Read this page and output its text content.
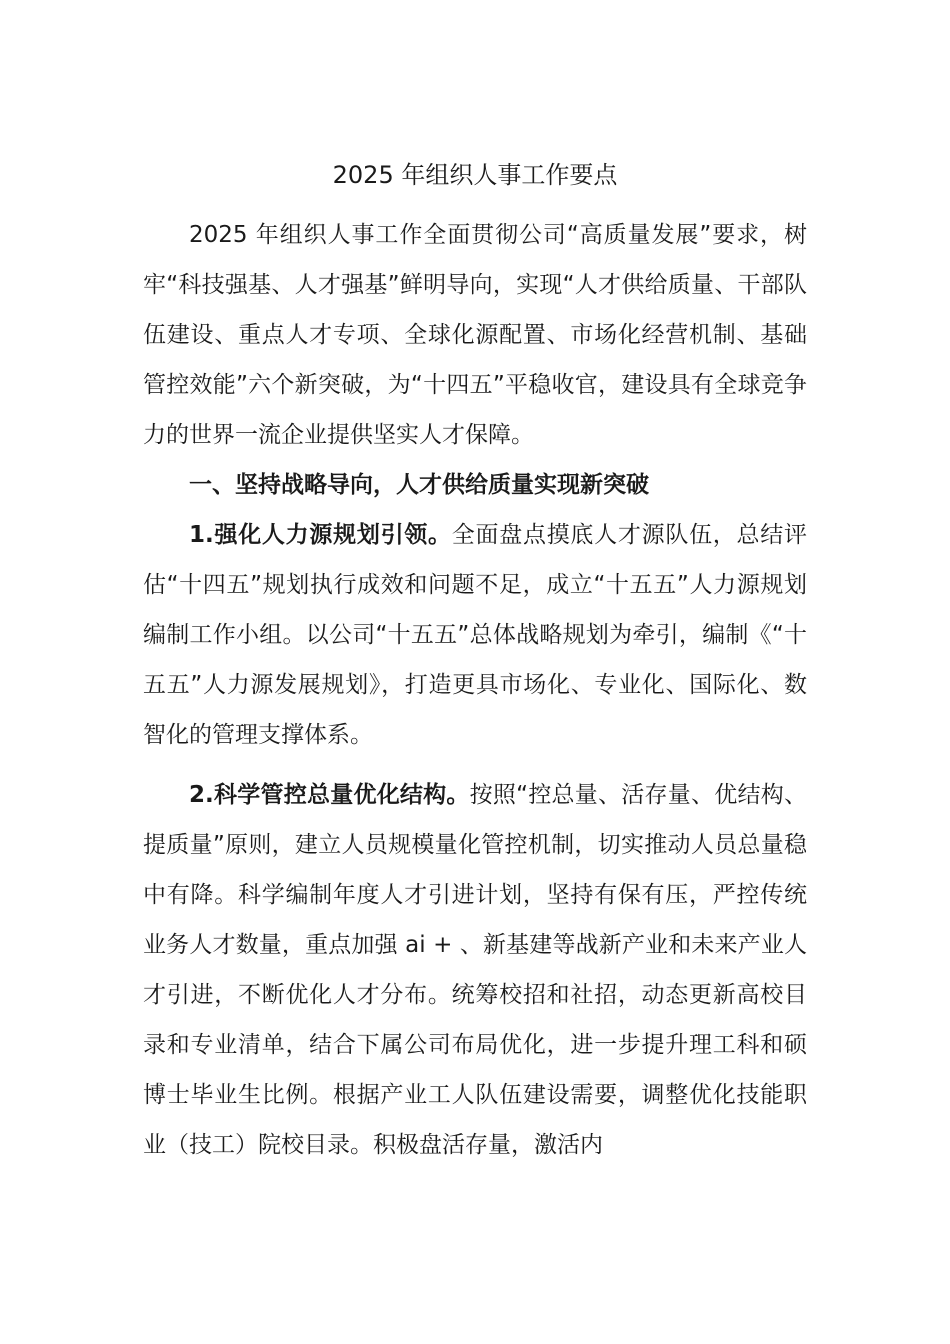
2025 年组织人事工作要点

2025 年组织人事工作全面贯彻公司“高质量发展”要求，树牢“科技强基、人才强基”鲜明导向，实现“人才供给质量、干部队伍建设、重点人才专项、全球化源配置、市场化经营机制、基础管控效能”六个新突破，为“十四五”平稳收官，建设具有全球竞争力的世界一流企业提供坚实人才保障。

一、坚持战略导向，人才供给质量实现新突破

1.强化人力源规划引领。全面盘点摸底人才源队伍，总结评估“十四五”规划执行成效和问题不足，成立“十五五”人力源规划编制工作小组。以公司“十五五”总体战略规划为牵引，编制《“十五五”人力源发展规划》，打造更具市场化、专业化、国际化、数智化的管理支撑体系。

2.科学管控总量优化结构。按照“控总量、活存量、优结构、提质量”原则，建立人员规模量化管控机制，切实推动人员总量稳中有降。科学编制年度人才引进计划，坚持有保有压，严控传统业务人才数量，重点加强 ai + 、新基建等战新产业和未来产业人才引进，不断优化人才分布。统筹校招和社招，动态更新高校目录和专业清单，结合下属公司布局优化，进一步提升理工科和硕博士毕业生比例。根据产业工人队伍建设需要，调整优化技能职业（技工）院校目录。积极盘活存量，激活内
